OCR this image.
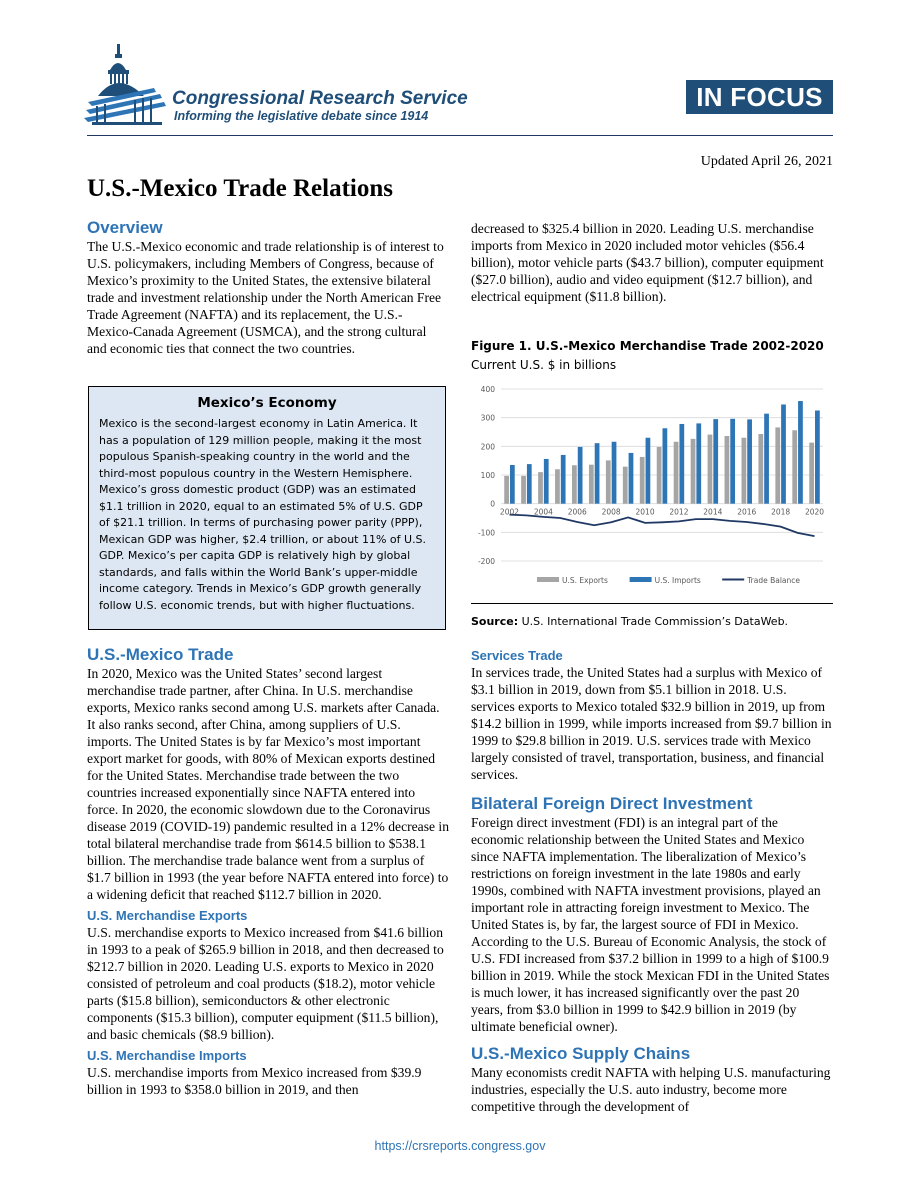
Congressional Research Service
Informing the legislative debate since 1914
IN FOCUS
Updated April 26, 2021
U.S.-Mexico Trade Relations
Overview

The U.S.-Mexico economic and trade relationship is of interest to U.S. policymakers, including Members of Congress, because of Mexico’s proximity to the United States, the extensive bilateral trade and investment relationship under the North American Free Trade Agreement (NAFTA) and its replacement, the U.S.-Mexico-Canada Agreement (USMCA), and the strong cultural and economic ties that connect the two countries.

Mexico’s Economy

Mexico is the second-largest economy in Latin America. It has a population of 129 million people, making it the most populous Spanish-speaking country in the world and the third-most populous country in the Western Hemisphere. Mexico’s gross domestic product (GDP) was an estimated $1.1 trillion in 2020, equal to an estimated 5% of U.S. GDP of $21.1 trillion. In terms of purchasing power parity (PPP), Mexican GDP was higher, $2.4 trillion, or about 11% of U.S. GDP. Mexico’s per capita GDP is relatively high by global standards, and falls within the World Bank’s upper-middle income category. Trends in Mexico’s GDP growth generally follow U.S. economic trends, but with higher fluctuations.

U.S.-Mexico Trade

In 2020, Mexico was the United States’ second largest merchandise trade partner, after China. In U.S. merchandise exports, Mexico ranks second among U.S. markets after Canada. It also ranks second, after China, among suppliers of U.S. imports. The United States is by far Mexico’s most important export market for goods, with 80% of Mexican exports destined for the United States. Merchandise trade between the two countries increased exponentially since NAFTA entered into force. In 2020, the economic slowdown due to the Coronavirus disease 2019 (COVID-19) pandemic resulted in a 12% decrease in total bilateral merchandise trade from $614.5 billion to $538.1 billion. The merchandise trade balance went from a surplus of $1.7 billion in 1993 (the year before NAFTA entered into force) to a widening deficit that reached $112.7 billion in 2020.

U.S. Merchandise Exports

U.S. merchandise exports to Mexico increased from $41.6 billion in 1993 to a peak of $265.9 billion in 2018, and then decreased to $212.7 billion in 2020. Leading U.S. exports to Mexico in 2020 consisted of petroleum and coal products ($18.2), motor vehicle parts ($15.8 billion), semiconductors & other electronic components ($15.3 billion), computer equipment ($11.5 billion), and basic chemicals ($8.9 billion).

U.S. Merchandise Imports

U.S. merchandise imports from Mexico increased from $39.9 billion in 1993 to $358.0 billion in 2019, and then

decreased to $325.4 billion in 2020. Leading U.S. merchandise imports from Mexico in 2020 included motor vehicles ($56.4 billion), motor vehicle parts ($43.7 billion), computer equipment ($27.0 billion), audio and video equipment ($12.7 billion), and electrical equipment ($11.8 billion).

Figure 1. U.S.-Mexico Merchandise Trade 2002-2020
Current U.S. $ in billions
400
300
200
100
0
-100
-200
2002 2004 2006 2008 2010 2012 2014 2016 2018 2020
U.S. Exports	U.S. Imports	Trade Balance
Source: U.S. International Trade Commission’s DataWeb.
Services Trade

In services trade, the United States had a surplus with Mexico of $3.1 billion in 2019, down from $5.1 billion in 2018. U.S. services exports to Mexico totaled $32.9 billion in 2019, up from $14.2 billion in 1999, while imports increased from $9.7 billion in 1999 to $29.8 billion in 2019. U.S. services trade with Mexico largely consisted of travel, transportation, business, and financial services.

Bilateral Foreign Direct Investment

Foreign direct investment (FDI) is an integral part of the economic relationship between the United States and Mexico since NAFTA implementation. The liberalization of Mexico’s restrictions on foreign investment in the late 1980s and early 1990s, combined with NAFTA investment provisions, played an important role in attracting foreign investment to Mexico. The United States is, by far, the largest source of FDI in Mexico. According to the U.S. Bureau of Economic Analysis, the stock of U.S. FDI increased from $37.2 billion in 1999 to a high of $100.9 billion in 2019. While the stock Mexican FDI in the United States is much lower, it has increased significantly over the past 20 years, from $3.0 billion in 1999 to $42.9 billion in 2019 (by ultimate beneficial owner).

U.S.-Mexico Supply Chains

Many economists credit NAFTA with helping U.S. manufacturing industries, especially the U.S. auto industry, become more competitive through the development of

https://crsreports.congress.gov
